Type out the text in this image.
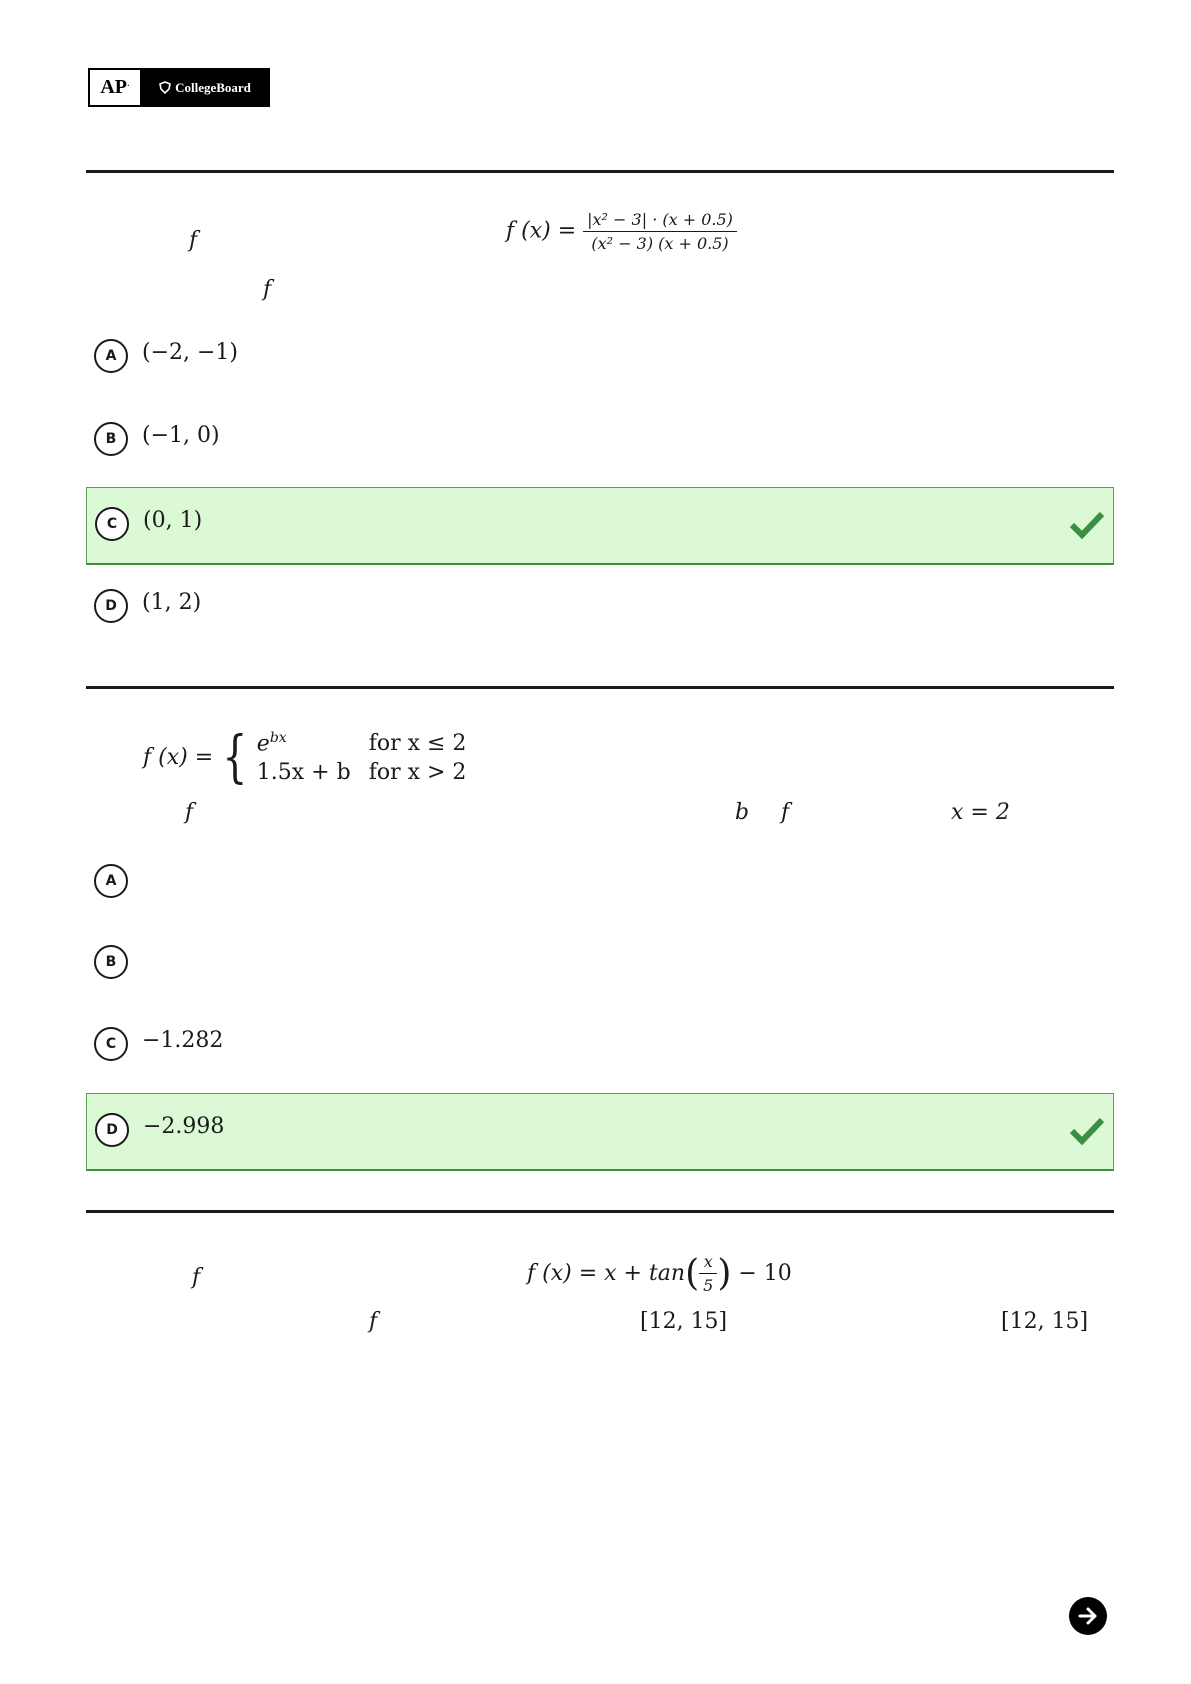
AP·	CollegeBoard
f	f $(x) = \frac{\text{|x² − 3| · (x + 0.5)}}{\text{(x² − 3) (x + 0.5)}}$
f
A	(−2, −1)
B	(−1, 0)
C	(0, 1)
D	(1, 2)
f (x) = { $e^{bx}$	for x ≤ 2
1.5x + b	for x > 2
f	b f	x = 2
A
B
C	−1.282
D	−2.998
f	f $(x) = x + \tan( \frac{x}{5}$ ) − 10
f	[12, 15]	[12, 15]
